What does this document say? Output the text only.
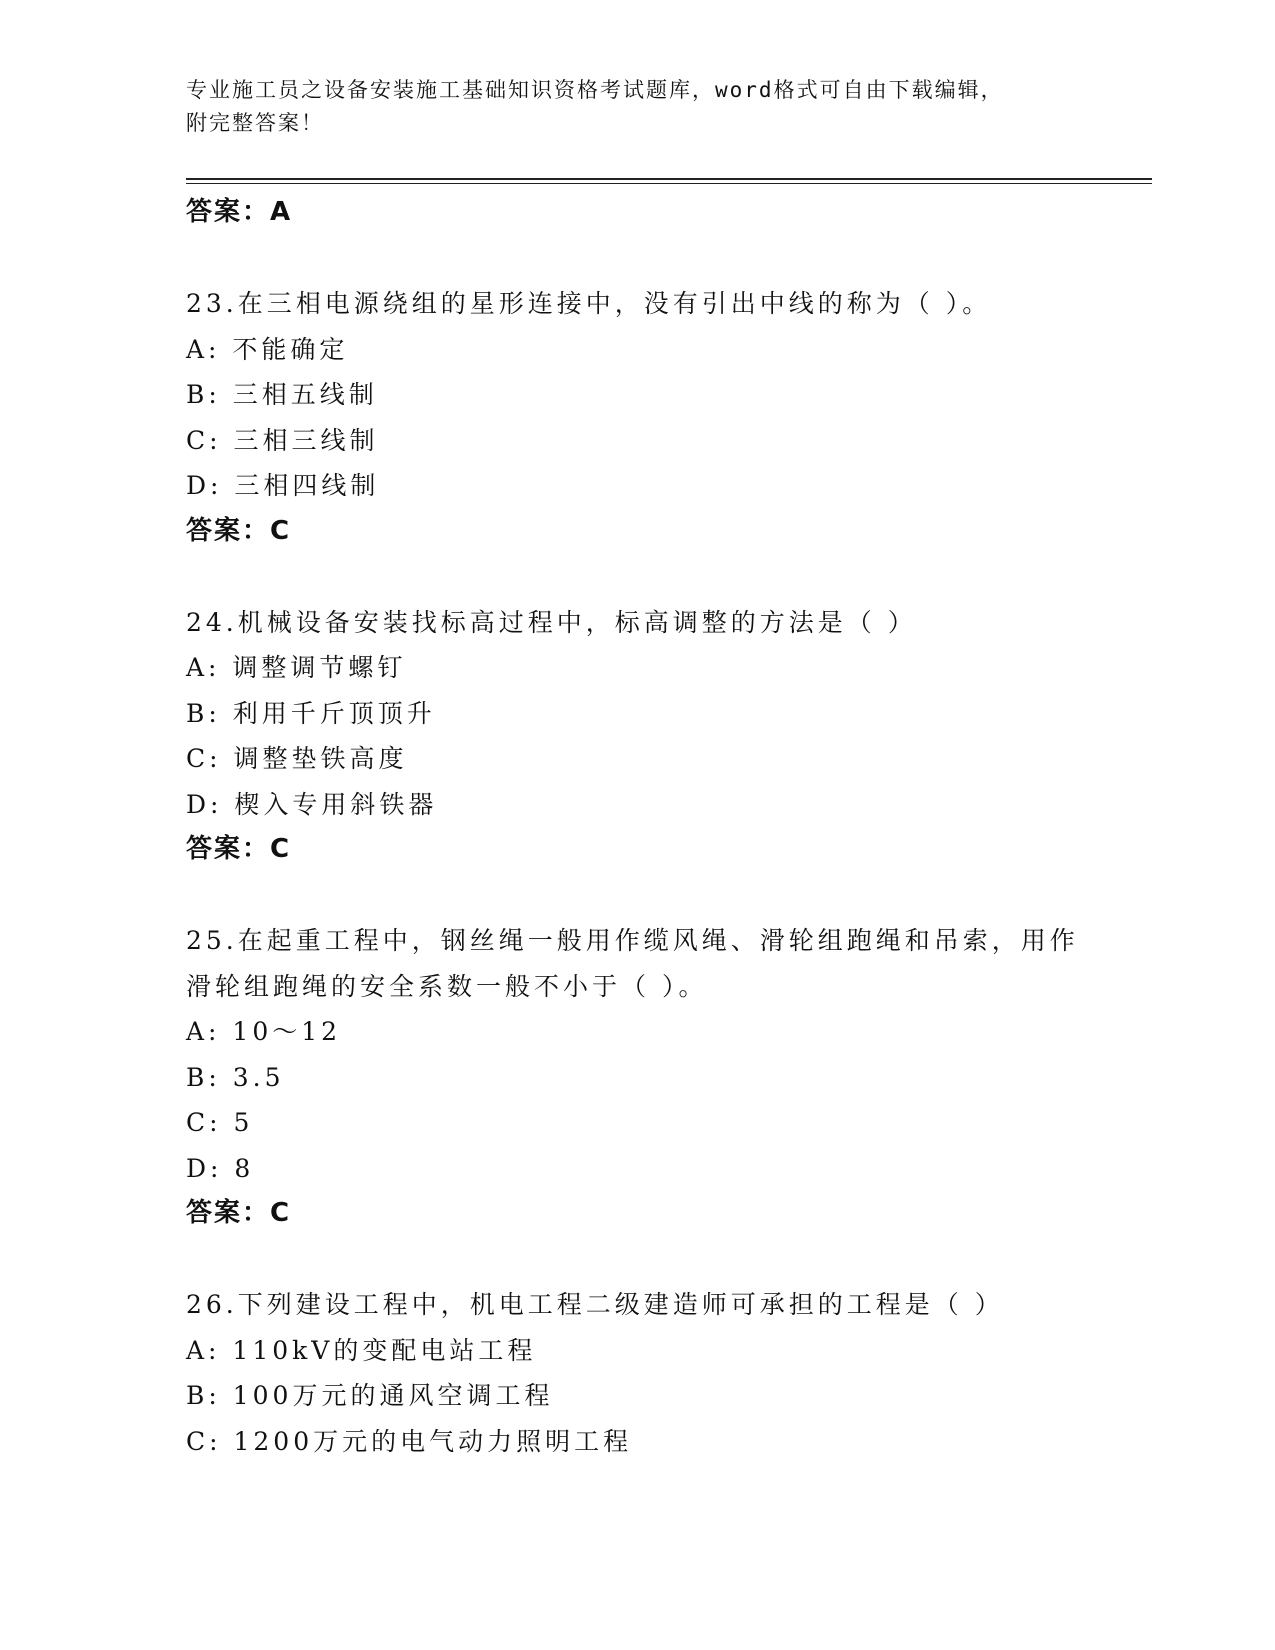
专业施工员之设备安装施工基础知识资格考试题库，word格式可自由下载编辑，
附完整答案！
答案：A
23.在三相电源绕组的星形连接中，没有引出中线的称为（ ）。
A: 不能确定
B: 三相五线制
C: 三相三线制
D: 三相四线制
答案：C
24.机械设备安装找标高过程中，标高调整的方法是（ ）
A: 调整调节螺钉
B: 利用千斤顶顶升
C: 调整垫铁高度
D: 楔入专用斜铁器
答案：C
25.在起重工程中，钢丝绳一般用作缆风绳、滑轮组跑绳和吊索，用作
滑轮组跑绳的安全系数一般不小于（ ）。
A: 10～12
B: 3.5
C: 5
D: 8
答案：C
26.下列建设工程中，机电工程二级建造师可承担的工程是（ ）
A: 110kV的变配电站工程
B: 100万元的通风空调工程
C: 1200万元的电气动力照明工程
